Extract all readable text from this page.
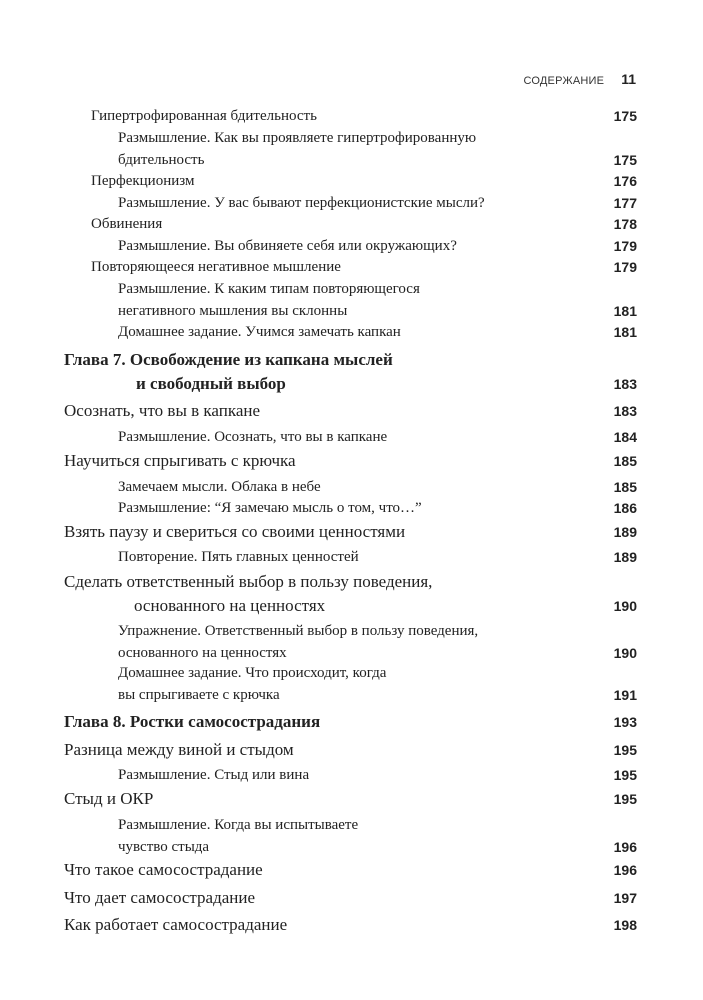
СОДЕРЖАНИЕ 11
Гипертрофированная бдительность	175
Размышление. Как вы проявляете гипертрофированную
бдительность	175
Перфекционизм	176
Размышление. У вас бывают перфекционистские мысли?	177
Обвинения	178
Размышление. Вы обвиняете себя или окружающих?	179
Повторяющееся негативное мышление	179
Размышление. К каким типам повторяющегося
негативного мышления вы склонны	181
Домашнее задание. Учимся замечать капкан	181
Глава 7. Освобождение из капкана мыслей
и свободный выбор	183
Осознать, что вы в капкане	183
Размышление. Осознать, что вы в капкане	184
Научиться спрыгивать с крючка	185
Замечаем мысли. Облака в небе	185
Размышление: “Я замечаю мысль о том, что…”	186
Взять паузу и свериться со своими ценностями	189
Повторение. Пять главных ценностей	189
Сделать ответственный выбор в пользу поведения,
основанного на ценностях	190
Упражнение. Ответственный выбор в пользу поведения,
основанного на ценностях	190
Домашнее задание. Что происходит, когда
вы спрыгиваете с крючка	191
Глава 8. Ростки самосострадания	193
Разница между виной и стыдом	195
Размышление. Стыд или вина	195
Стыд и ОКР	195
Размышление. Когда вы испытываете
чувство стыда	196
Что такое самосострадание	196
Что дает самосострадание	197
Как работает самосострадание	198
